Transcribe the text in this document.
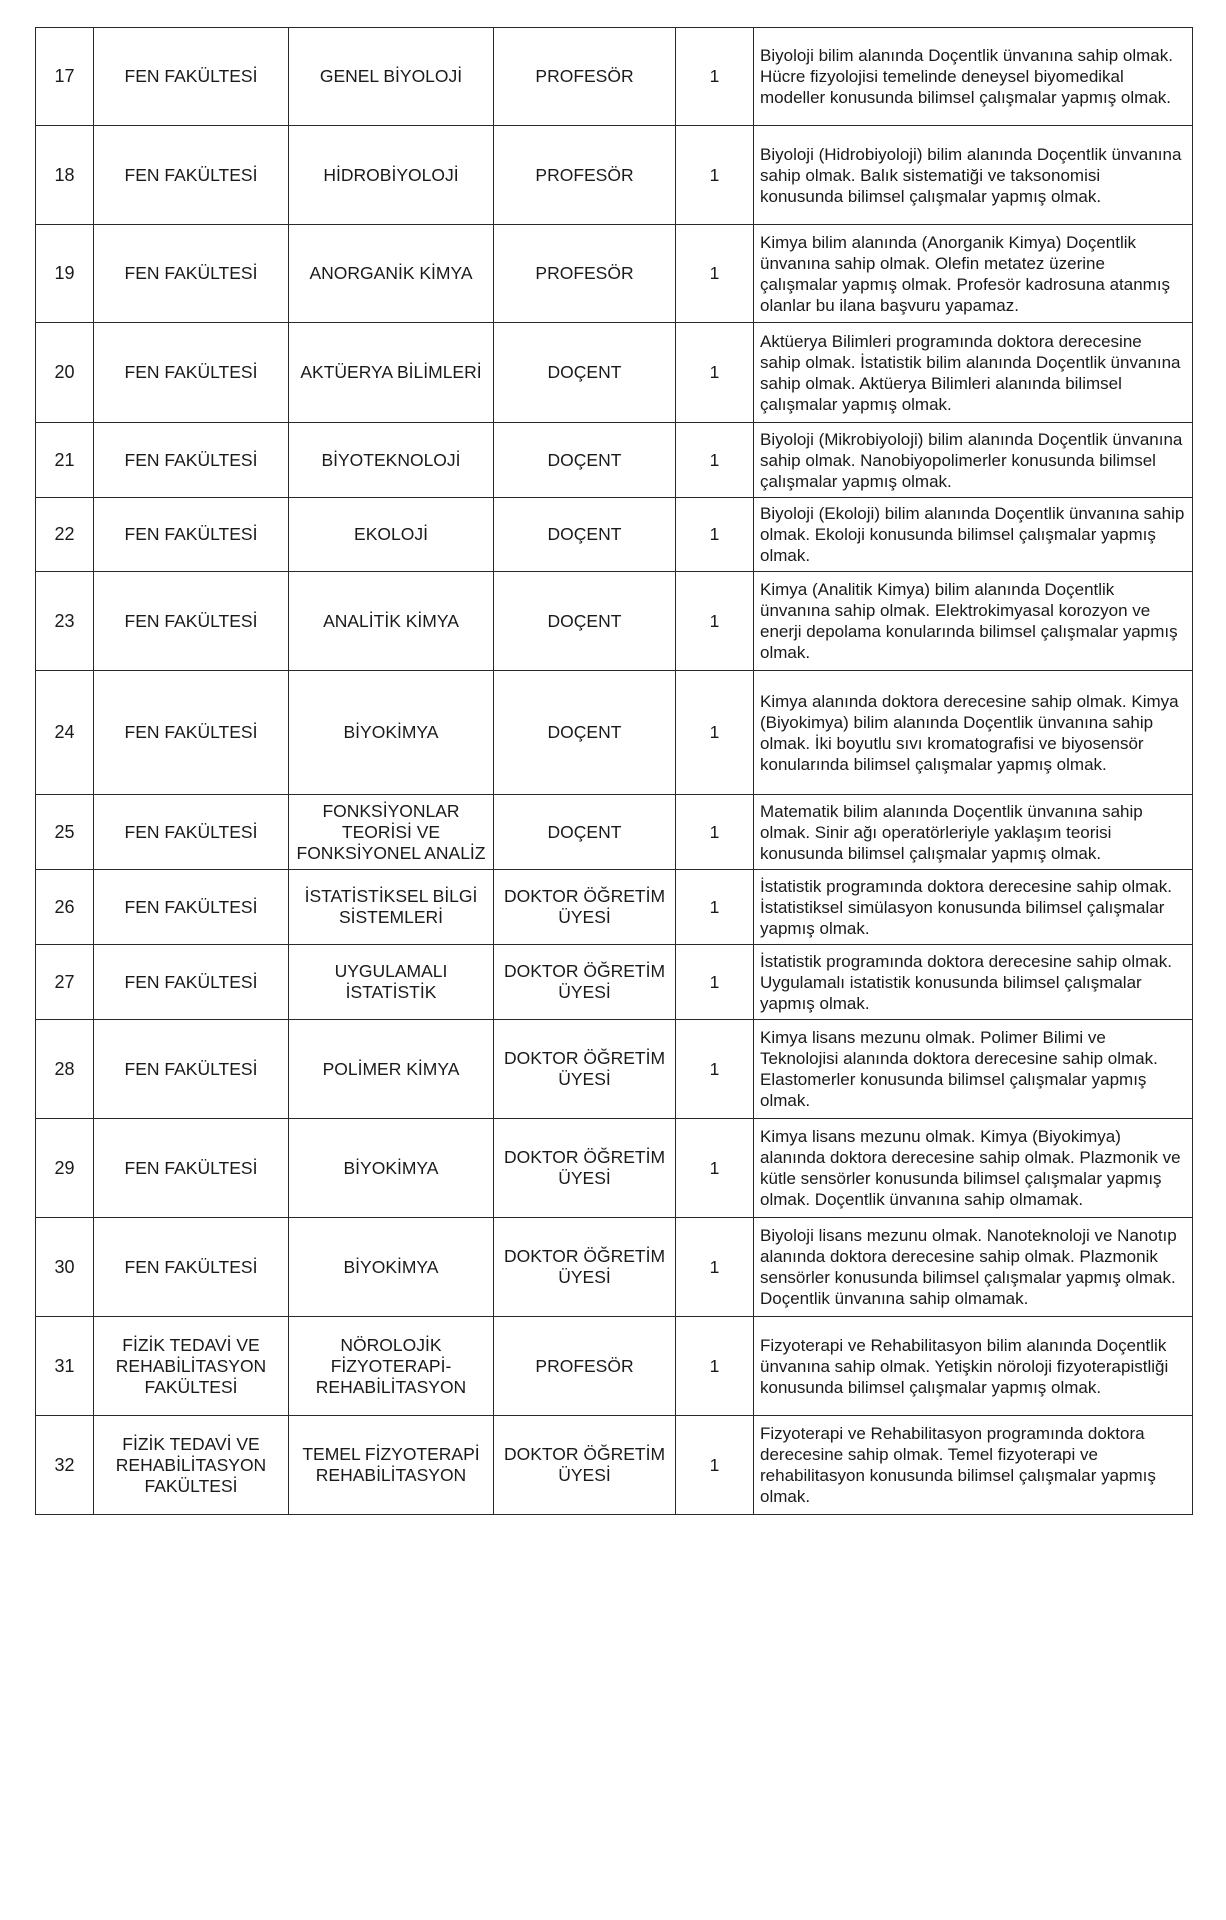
17	FEN FAKÜLTESİ	GENEL BİYOLOJİ	PROFESÖR	1	Biyoloji bilim alanında Doçentlik ünvanına sahip olmak. Hücre fizyolojisi temelinde deneysel biyomedikal modeller konusunda bilimsel çalışmalar yapmış olmak.

18	FEN FAKÜLTESİ	HİDROBİYOLOJİ	PROFESÖR	1	Biyoloji (Hidrobiyoloji) bilim alanında Doçentlik ünvanına sahip olmak. Balık sistematiği ve taksonomisi konusunda bilimsel çalışmalar yapmış olmak.

19	FEN FAKÜLTESİ	ANORGANİK KİMYA	PROFESÖR	1	Kimya bilim alanında (Anorganik Kimya) Doçentlik ünvanına sahip olmak. Olefin metatez üzerine çalışmalar yapmış olmak. Profesör kadrosuna atanmış olanlar bu ilana başvuru yapamaz.

20	FEN FAKÜLTESİ	AKTÜERYA BİLİMLERİ	DOÇENT	1	Aktüerya Bilimleri programında doktora derecesine sahip olmak. İstatistik bilim alanında Doçentlik ünvanına sahip olmak. Aktüerya Bilimleri alanında bilimsel çalışmalar yapmış olmak.

21	FEN FAKÜLTESİ	BİYOTEKNOLOJİ	DOÇENT	1	Biyoloji (Mikrobiyoloji) bilim alanında Doçentlik ünvanına sahip olmak. Nanobiyopolimerler konusunda bilimsel çalışmalar yapmış olmak.

22	FEN FAKÜLTESİ	EKOLOJİ	DOÇENT	1	Biyoloji (Ekoloji) bilim alanında Doçentlik ünvanına sahip olmak. Ekoloji konusunda bilimsel çalışmalar yapmış olmak.

23	FEN FAKÜLTESİ	ANALİTİK KİMYA	DOÇENT	1	Kimya (Analitik Kimya) bilim alanında Doçentlik ünvanına sahip olmak. Elektrokimyasal korozyon ve enerji depolama konularında bilimsel çalışmalar yapmış olmak.

24	FEN FAKÜLTESİ	BİYOKİMYA	DOÇENT	1	Kimya alanında doktora derecesine sahip olmak. Kimya (Biyokimya) bilim alanında Doçentlik ünvanına sahip olmak. İki boyutlu sıvı kromatografisi ve biyosensör konularında bilimsel çalışmalar yapmış olmak.

25	FEN FAKÜLTESİ	FONKSİYONLAR
TEORİSİ VE
FONKSİYONEL ANALİZ	DOÇENT	1	Matematik bilim alanında Doçentlik ünvanına sahip olmak. Sinir ağı operatörleriyle yaklaşım teorisi konusunda bilimsel çalışmalar yapmış olmak.

26	FEN FAKÜLTESİ	İSTATİSTİKSEL BİLGİ
SİSTEMLERİ	DOKTOR ÖĞRETİM
ÜYESİ	1	İstatistik programında doktora derecesine sahip olmak. İstatistiksel simülasyon konusunda bilimsel çalışmalar yapmış olmak.

27	FEN FAKÜLTESİ	UYGULAMALI
İSTATİSTİK	DOKTOR ÖĞRETİM
ÜYESİ	1	İstatistik programında doktora derecesine sahip olmak. Uygulamalı istatistik konusunda bilimsel çalışmalar yapmış olmak.

28	FEN FAKÜLTESİ	POLİMER KİMYA	DOKTOR ÖĞRETİM
ÜYESİ	1	Kimya lisans mezunu olmak. Polimer Bilimi ve Teknolojisi alanında doktora derecesine sahip olmak. Elastomerler konusunda bilimsel çalışmalar yapmış olmak.

29	FEN FAKÜLTESİ	BİYOKİMYA	DOKTOR ÖĞRETİM
ÜYESİ	1	Kimya lisans mezunu olmak. Kimya (Biyokimya) alanında doktora derecesine sahip olmak. Plazmonik ve kütle sensörler konusunda bilimsel çalışmalar yapmış olmak. Doçentlik ünvanına sahip olmamak.

30	FEN FAKÜLTESİ	BİYOKİMYA	DOKTOR ÖĞRETİM
ÜYESİ	1	Biyoloji lisans mezunu olmak. Nanoteknoloji ve Nanotıp alanında doktora derecesine sahip olmak. Plazmonik sensörler konusunda bilimsel çalışmalar yapmış olmak. Doçentlik ünvanına sahip olmamak.

31	FİZİK TEDAVİ VE
REHABİLİTASYON
FAKÜLTESİ	NÖROLOJİK
FİZYOTERAPİ-
REHABİLİTASYON	PROFESÖR	1	Fizyoterapi ve Rehabilitasyon bilim alanında Doçentlik ünvanına sahip olmak. Yetişkin nöroloji fizyoterapistliği konusunda bilimsel çalışmalar yapmış olmak.

32	FİZİK TEDAVİ VE
REHABİLİTASYON
FAKÜLTESİ	TEMEL FİZYOTERAPİ
REHABİLİTASYON	DOKTOR ÖĞRETİM
ÜYESİ	1	Fizyoterapi ve Rehabilitasyon programında doktora derecesine sahip olmak. Temel fizyoterapi ve rehabilitasyon konusunda bilimsel çalışmalar yapmış olmak.
